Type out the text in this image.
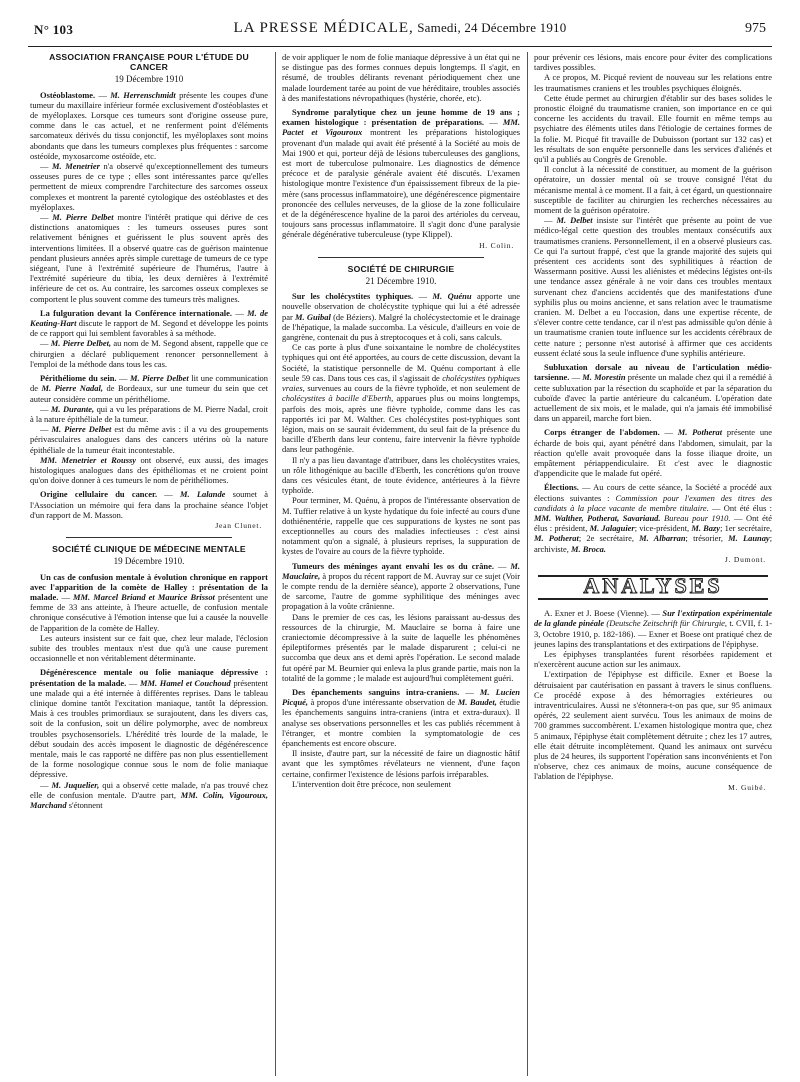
N° 103	LA PRESSE MÉDICALE, Samedi, 24 Décembre 1910	975
ASSOCIATION FRANÇAISE POUR L'ÉTUDE DU CANCER
19 Décembre 1910

Ostéoblastome. — M. Herrenschmidt présente les coupes d'une tumeur du maxillaire inférieur formée exclusivement d'ostéoblastes et de myéloplaxes. Lorsque ces tumeurs sont d'origine osseuse pure, comme dans le cas actuel, et ne renferment point d'éléments sarcomateux dérivés du tissu conjonctif, les myéloplaxes sont moins abondants que dans les tumeurs complexes plus fréquentes : sarcome ostéoïde, myxosarcome ostéoïde, etc.

— M. Menetrier n'a observé qu'exceptionnellement des tumeurs osseuses pures de ce type ; elles sont intéressantes parce qu'elles permettent de mieux comprendre l'architecture des sarcomes osseux complexes et montrent la parenté cytologique des ostéoblastes et des myéloplaxes.

— M. Pierre Delbet montre l'intérêt pratique qui dérive de ces distinctions anatomiques : les tumeurs osseuses pures sont relativement bénignes et guérissent le plus souvent après des interventions limitées. Il a observé quatre cas de guérison maintenue pendant plusieurs années après simple curettage de tumeurs de ce type siégeant, l'une à l'extrémité supérieure de l'humérus, l'autre à l'extrémité supérieure du tibia, les deux dernières à l'extrémité inférieure de cet os. Au contraire, les sarcomes osseux complexes se comportent le plus souvent comme des tumeurs très malignes.

La fulguration devant la Conférence internationale. — M. de Keating-Hart discute le rapport de M. Segond et développe les points de ce rapport qui lui semblent favorables à sa méthode.

— M. Pierre Delbet, au nom de M. Segond absent, rappelle que ce chirurgien a déclaré publiquement renoncer personnellement à l'emploi de la méthode dans tous les cas.

Périthéliome du sein. — M. Pierre Delbet lit une communication de M. Pierre Nadal, de Bordeaux, sur une tumeur du sein que cet auteur considère comme un périthéliome.

— M. Durante, qui a vu les préparations de M. Pierre Nadal, croit à la nature épithéliale de la tumeur.

— M. Pierre Delbet est du même avis : il a vu des groupements périvasculaires analogues dans des cancers utérins où la nature épithéliale de la tumeur était incontestable.

MM. Menetrier et Roussy ont observé, eux aussi, des images histologiques analogues dans des épithéliomas et ne croient point qu'on doive donner à ces tumeurs le nom de périthéliomes.

Origine cellulaire du cancer. — M. Lalande soumet à l'Association un mémoire qui fera dans la prochaine séance l'objet d'un rapport de M. Masson.

Jean Clunet.

SOCIÉTÉ CLINIQUE DE MÉDECINE MENTALE
19 Décembre 1910.

Un cas de confusion mentale à évolution chronique en rapport avec l'apparition de la comète de Halley : présentation de la malade. — MM. Marcel Briand et Maurice Brissot présentent une femme de 33 ans atteinte, à l'heure actuelle, de confusion mentale chronique consécutive à l'émotion intense que lui a causée la nouvelle de l'apparition de la comète de Halley.

Les auteurs insistent sur ce fait que, chez leur malade, l'éclosion subite des troubles mentaux n'est due qu'à une cause purement occasionnelle et non véritablement déterminante.

Dégénérescence mentale ou folie maniaque dépressive : présentation de la malade. — MM. Hamel et Couchoud présentent une malade qui a été internée à différentes reprises. Dans le tableau clinique domine tantôt l'excitation maniaque, tantôt la dépression. Mais à ces troubles primordiaux se surajoutent, dans les divers cas, soit de la confusion, soit un délire polymorphe, avec de nombreux troubles psychosensoriels. L'hérédité très lourde de la malade, le début soudain des accès imposent le diagnostic de dégénérescence mentale, mais le cas rapporté ne diffère pas non plus essentiellement de la forme nosologique connue sous le nom de folie maniaque dépressive.

— M. Juquelier, qui a observé cette malade, n'a pas trouvé chez elle de confusion mentale. D'autre part, MM. Colin, Vigouroux, Marchand s'étonnent

de voir appliquer le nom de folie maniaque dépressive à un état qui ne se distingue pas des formes connues depuis longtemps. Il s'agit, en résumé, de troubles délirants revenant périodiquement chez une malade lourdement tarée au point de vue héréditaire, troubles associés à des manifestations névropathiques (hystérie, chorée, etc).

Syndrome paralytique chez un jeune homme de 19 ans ; examen histologique : présentation de préparations. — MM. Pactet et Vigouroux montrent les préparations histologiques provenant d'un malade qui avait été présenté à la Société au mois de Mai 1900 et qui, porteur déjà de lésions tuberculeuses des ganglions, est mort de tuberculose pulmonaire. Les diagnostics de démence précoce et de paralysie générale avaient été discutés. L'examen histologique montre l'existence d'un épaississement fibreux de la pie-mère (sans processus inflammatoire), une dégénérescence pigmentaire prononcée des cellules nerveuses, de la gliose de la zone folliculaire et de la dégénérescence hyaline de la paroi des artérioles du cerveau, toujours sans processus inflammatoire. Il s'agit donc d'une paralysie générale dégénérative tuberculeuse (type Klippel).

H. Colin.

SOCIÉTÉ DE CHIRURGIE
21 Décembre 1910.

Sur les cholécystites typhiques. — M. Quénu apporte une nouvelle observation de cholécystite typhique qui lui a été adressée par M. Guibal (de Béziers). Malgré la cholécystectomie et le drainage de l'hépatique, la malade succomba. La vésicule, d'ailleurs en voie de gangrène, contenait du pus à streptocoques et à coli, sans calculs.

Ce cas porte à plus d'une soixantaine le nombre de cholécystites typhiques qui ont été apportées, au cours de cette discussion, devant la Société, la statistique personnelle de M. Quénu comportant à elle seule 59 cas. Dans tous ces cas, il s'agissait de cholécystites typhiques vraies, survenues au cours de la fièvre typhoïde, et non seulement de cholécystites à bacille d'Eberth, apparues plus ou moins longtemps, parfois des mois, après une fièvre typhoïde, comme dans les cas rapportés ici par M. Walther. Ces cholécystites post-typhiques sont légion, mais on se saurait évidemment, du seul fait de la présence du bacille d'Eberth dans leur contenu, faire intervenir la fièvre typhoïde dans leur pathogénie.

Il n'y a pas lieu davantage d'attribuer, dans les cholécystites vraies, un rôle lithogénique au bacille d'Eberth, les concrétions qu'on trouve dans ces vésicules étant, de toute évidence, antérieures à la fièvre typhoïde.

Pour terminer, M. Quénu, à propos de l'intéressante observation de M. Tuffier relative à un kyste hydatique du foie infecté au cours d'une dothiénentérie, rappelle que ces suppurations de kystes ne sont pas exceptionnelles au cours des maladies infectieuses : c'est ainsi notamment qu'on a signalé, à plusieurs reprises, la suppuration de kystes de l'ovaire au cours de la fièvre typhoïde.

Tumeurs des méninges ayant envahi les os du crâne. — M. Mauclaire, à propos du récent rapport de M. Auvray sur ce sujet (Voir le compte rendu de la dernière séance), apporte 2 observations, l'une de sarcome, l'autre de gomme syphilitique des méninges avec propagation à la voûte crânienne.

Dans le premier de ces cas, les lésions paraissant au-dessus des ressources de la chirurgie, M. Mauclaire se borna à faire une craniectomie décompressive à la suite de laquelle les phénomènes épileptiformes présentés par le malade disparurent ; celui-ci ne succomba que deux ans et demi après l'opération. Le second malade fut opéré par M. Beurnier qui enleva la plus grande partie, mais non la totalité de la gomme ; le malade est aujourd'hui complètement guéri.

Des épanchements sanguins intra-craniens. — M. Lucien Picqué, à propos d'une intéressante observation de M. Baudet, étudie les épanchements sanguins intra-craniens (intra et extra-duraux). Il analyse ses observations personnelles et les cas publiés récemment à l'étranger, et montre combien la symptomatologie de ces épanchements est encore obscure.

Il insiste, d'autre part, sur la nécessité de faire un diagnostic hâtif avant que les symptômes révélateurs ne viennent, d'une façon certaine, confirmer l'existence de lésions parfois irréparables.

L'intervention doit être précoce, non seulement

pour prévenir ces lésions, mais encore pour éviter des complications tardives possibles.

A ce propos, M. Picqué revient de nouveau sur les relations entre les traumatismes craniens et les troubles psychiques éloignés.

Cette étude permet au chirurgien d'établir sur des bases solides le pronostic éloigné du traumatisme cranien, son importance en ce qui concerne les accidents du travail. Elle fournit en même temps au psychiatre des éléments utiles dans l'étiologie de certaines formes de la folie. M. Picqué fit travaille de Dubuisson (portant sur 132 cas) et les résultats de son enquête personnelle dans les services d'aliénés et qu'il a publiés au Congrès de Grenoble.

Il conclut à la nécessité de constituer, au moment de la guérison opératoire, un dossier mental où se trouve consigné l'état du mécanisme mental à ce moment. Il a fait, à cet égard, un questionnaire susceptible de faciliter au chirurgien les recherches nécessaires au moment de la guérison opératoire.

— M. Delbet insiste sur l'intérêt que présente au point de vue médico-légal cette question des troubles mentaux consécutifs aux traumatismes craniens. Personnellement, il en a observé plusieurs cas. Ce qui l'a surtout frappé, c'est que la grande majorité des sujets qui présentent ces accidents sont des syphilitiques à réaction de Wassermann positive. Aussi les aliénistes et médecins légistes ont-ils une tendance assez générale à ne voir dans ces troubles mentaux survenant chez d'anciens accidentés que des manifestations d'une syphilis plus ou moins ancienne, et sans relation avec le traumatisme cranien. M. Delbet a eu l'occasion, dans une expertise récente, de s'élever contre cette tendance, car il n'est pas admissible qu'on dénie à un traumatisme cranien toute influence sur les accidents cérébraux de cette nature ; personne n'est autorisé à affirmer que ces accidents eussent éclaté sous la seule influence d'une syphilis antérieure.

Subluxation dorsale au niveau de l'articulation médio-tarsienne. — M. Morestin présente un malade chez qui il a remédié à cette subluxation par la résection du scaphoïde et par la séparation du cuboïde d'avec la partie antérieure du calcanéum. L'opération date actuellement de six mois, et le malade, qui n'a jamais été immobilisé dans un appareil, marche fort bien.

Corps étranger de l'abdomen. — M. Potherat présente une écharde de bois qui, ayant pénétré dans l'abdomen, simulait, par la réaction qu'elle avait provoquée dans la fosse iliaque droite, un empâtement périappendiculaire. Et c'est avec le diagnostic d'appendicite que le malade fut opéré.

Élections. — Au cours de cette séance, la Société a procédé aux élections suivantes : Commission pour l'examen des titres des candidats à la place vacante de membre titulaire. — Ont été élus : MM. Walther, Potherat, Savariaud. Bureau pour 1910. — Ont été élus : président, M. Jalaguier; vice-président, M. Bazy; 1er secrétaire, M. Potherat; 2e secrétaire, M. Albarran; trésorier, M. Launay; archiviste, M. Broca.

J. Dumont.

ANALYSES

A. Exner et J. Boese (Vienne). — Sur l'extirpation expérimentale de la glande pinéale (Deutsche Zeitschrift für Chirurgie, t. CVII, f. 1-3, Octobre 1910, p. 182-186). — Exner et Boese ont pratiqué chez de jeunes lapins des transplantations et des extirpations de l'épiphyse.

Les épiphyses transplantées furent résorbées rapidement et n'exercèrent aucune action sur les animaux.

L'extirpation de l'épiphyse est difficile. Exner et Boese la détruisaient par cautérisation en passant à travers le sinus confluens. Ce procédé expose à des hémorragies extérieures ou intraventriculaires. Aussi ne s'étonnera-t-on pas que, sur 95 animaux opérés, 22 seulement aient survécu. Tous les animaux de moins de 700 grammes succombèrent. L'examen histologique montra que, chez 5 animaux, l'épiphyse était complètement détruite ; chez les 17 autres, elle était détruite incomplètement. Quand les animaux ont survécu plus de 24 heures, ils supportent l'opération sans inconvénients et l'on n'observe, chez ces animaux de moins, aucune conséquence de l'ablation de l'épiphyse.

M. Guibé.
